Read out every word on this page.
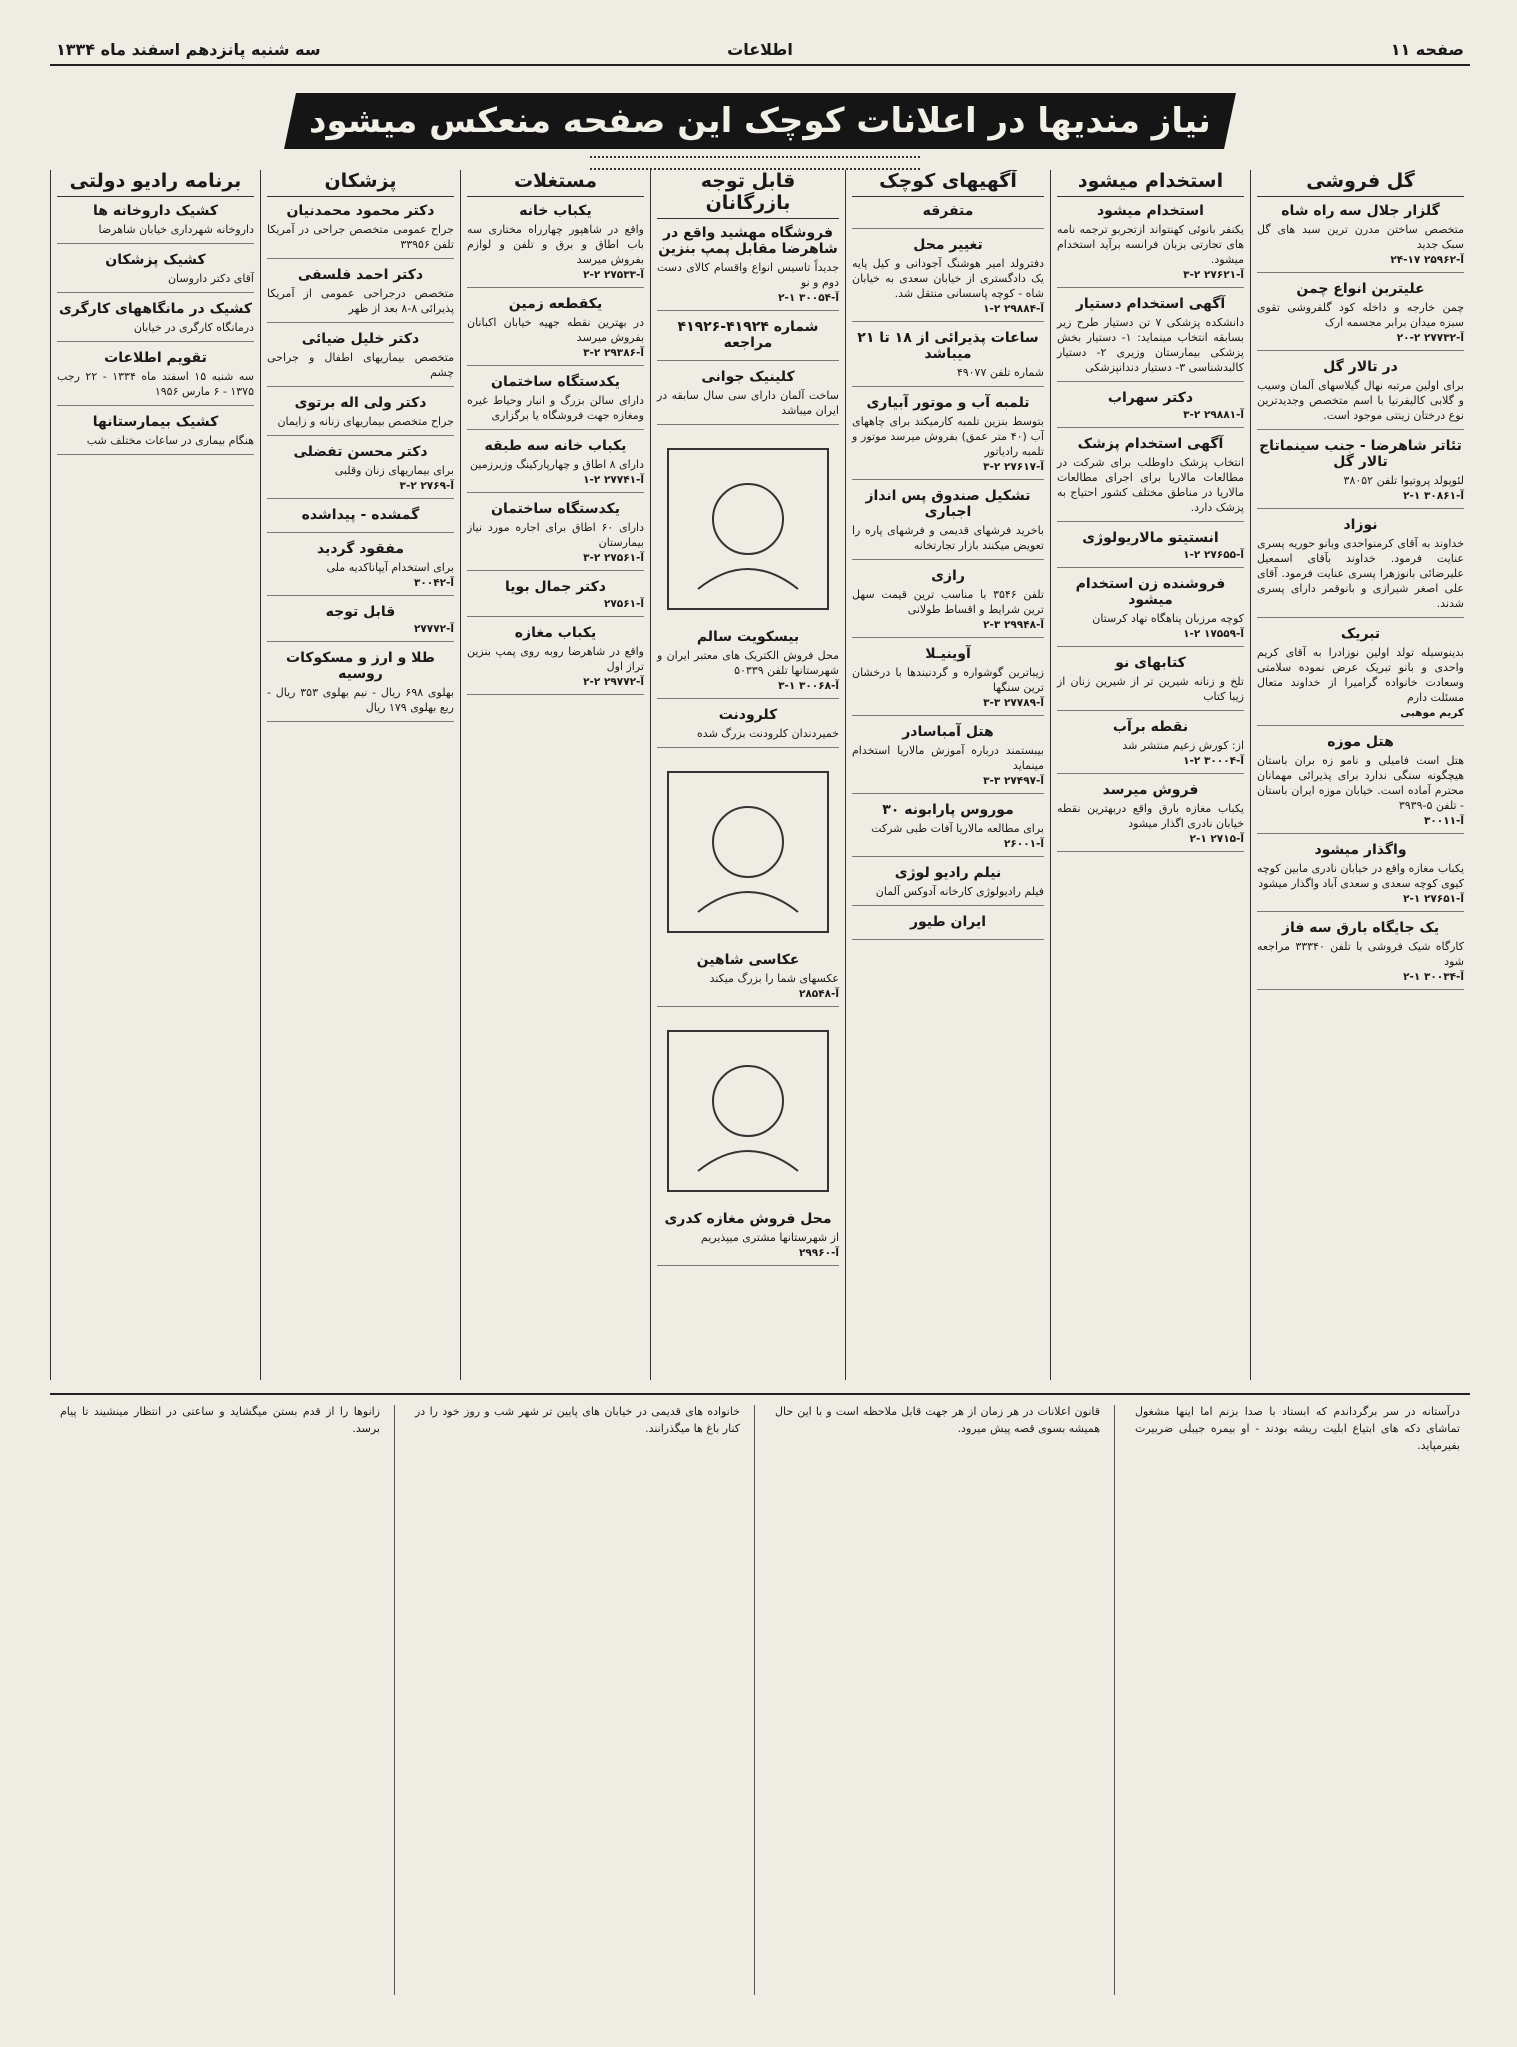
صفحه ۱۱
اطلاعات
سه شنبه پانزدهم اسفند ماه ۱۳۳۴
نیاز مندیها در اعلانات کوچک این صفحه منعکس میشود
گل فروشی
گلزار جلال سه راه شاه
متخصص ساختن مدرن ترین سبد های گل سبک جدید
آ-۲۵۹۶۲ ۱۷-۲۴
علیتربن انواع چمن
چمن خارجه و داخله کود گلفروشی تقوی سبزه میدان برابر مجسمه ارک
آ-۲۷۷۳۲ ۲-۲۰
در تالار گل
برای اولین مرتبه نهال گیلاسهای آلمان وسیب و گلابی کالیفرنیا با اسم متخصص وجدیدترین نوع درختان زینتی موجود است.
تئاتر شاهرضا - جنب سینماتاج تالار گل
لئوپولد پروتیوا تلفن ۳۸۰۵۲
آ-۳۰۸۶۱ ۱-۲
نوزاد
خداوند به آقای کرمنواحدی وبانو حوریه پسری عنایت فرمود. خداوند بآقای اسمعیل علیرضائی بانوزهرا پسری عنایت فرمود. آقای علی اصغر شیرازی و بانوقمر دارای پسری شدند.
تبریک
بدینوسیله تولد اولین نوزادرا به آقای کریم واحدی و بانو تبریک عرض نموده سلامتی وسعادت خانواده گرامیرا از خداوند متعال مسئلت دارم
کریم موهبی
هتل موزه
هتل است فامیلی و نامو زه بران باستان هیچگونه سنگی ندارد برای پذیرائی مهمانان محترم آماده است. خیابان موزه ایران باستان - تلفن ۵-۳۹۳۹
آ-۳۰۰۱۱
واگذار میشود
یکباب مغازه واقع در خیابان نادری مابین کوچه کیوی کوچه سعدی و سعدی آباد واگذار میشود
آ-۲۷۶۵۱ ۱-۲
یک جایگاه بارق سه فاز
کارگاه شیک فروشی با تلفن ۳۳۳۴۰ مراجعه شود
آ-۳۰۰۳۴ ۱-۲
استخدام میشود
استخدام میشود
یکنفر بانوئی کهنتواند ازتجربو ترجمه نامه های تجارتی بزبان فرانسه برآید استخدام میشود.
آ-۲۷۶۲۱ ۲-۳
آگهی استخدام دستیار
دانشکده پزشکی ۷ تن دستیار طرح زیر بسابقه انتخاب مینماید: ۱- دستیار بخش پزشکی بیمارستان وزیری ۲- دستیار کالبدشناسی ۳- دستیار دندانپزشکی
دکتر سهراب
آ-۲۹۸۸۱ ۲-۳
آگهی استخدام پزشک
انتخاب پزشک داوطلب برای شرکت در مطالعات مالاریا برای اجرای مطالعات مالاریا در مناطق مختلف کشور احتیاج به پزشک دارد.
انستیتو مالاریولوژی
آ-۲۷۶۵۵ ۲-۱
فروشنده زن استخدام میشود
کوچه مرزبان پناهگاه نهاد کرستان
آ-۱۷۵۵۹ ۲-۱
کتابهای نو
تلخ و زنانه شیرین تر از شیرین زنان از زیبا کتاب
نقطه برآب
از: کورش زعیم منتشر شد
آ-۳۰۰۰۴ ۲-۱
فروش میرسد
یکباب مغازه بارق واقع دربهترین نقطه خیابان نادری اگذار میشود
آ-۲۷۱۵ ۱-۲
آگهیهای کوچک
متفرقه
تغییر محل
دفترولد امیر هوشنگ آجودانی و کیل پایه یک دادگستری از خیابان سعدی به خیابان شاه - کوچه پاسسانی منتقل شد.
آ-۲۹۸۸۴ ۲-۱
ساعات پذیرائی از ۱۸ تا ۲۱ میباشد
شماره تلفن ۴۹۰۷۷
تلمبه آب و موتور آبیاری
بتوسط بنزین تلمبه کارمیکند برای چاههای آب (۴۰ متر عمق) بفروش میرسد موتور و تلمبه رادیاتور
آ-۲۷۶۱۷ ۲-۳
تشکیل صندوق پس انداز اجباری
باخرید فرشهای قدیمی و فرشهای پاره را تعویض میکنند بازار تجارتخانه
رازی
تلفن ۳۵۴۶ با مناسب ترین قیمت سهل ترین شرایط و اقساط طولانی
آ-۲۹۹۴۸ ۳-۲
آوینیـلا
زیباترین گوشواره و گردنبندها با درخشان ترین سنگها
آ-۲۷۷۸۹ ۳-۳
هتل آمباسادر
بیبستمند درباره آموزش مالاریا استخدام مینماید
آ-۲۷۴۹۷ ۳-۳
موروس پارابونه ۳۰
برای مطالعه مالاریا آفات طبی شرکت
آ-۲۶۰۰۱
نیلم رادیو لوژی
فیلم رادیولوژی کارخانه آدوکس آلمان
ایران طیور
قابل توجه بازرگانان
فروشگاه مهشید واقع در شاهرضا مقابل پمپ بنزین
جدیداً تاسیس انواع واقسام کالای دست دوم و نو
آ-۳۰۰۵۴ ۱-۲
شماره ۴۱۹۲۴-۴۱۹۲۶ مراجعه
کلینیک جوانی
ساخت آلمان دارای سی سال سابقه در ایران میباشد
بیسکویت سالم
محل فروش الکتریک های معتبر ایران و شهرستانها تلفن ۵۰۳۳۹
آ-۳۰۰۶۸ ۱-۳
کلرودنت
خمیردندان کلرودنت بزرگ شده
عکاسی شاهین
عکسهای شما را بزرگ میکند
آ-۲۸۵۴۸
محل فروش مغازه کدری
از شهرستانها مشتری میپذیریم
آ-۲۹۹۶۰
مستغلات
یکباب خانه
واقع در شاهپور چهارراه مختاری سه باب اطاق و برق و تلفن و لوازم بفروش میرسد
آ-۲۷۵۳۳ ۲-۲
یکقطعه زمین
در بهترین نقطه جهیه خیابان اکبانان بفروش میرسد
آ-۲۹۳۸۶ ۲-۳
یکدستگاه ساختمان
دارای سالن بزرگ و انبار وحیاط غیره ومغازه جهت فروشگاه یا برگزاری
یکباب خانه سه طبقه
دارای ۸ اطاق و چهارپارکینگ وزیرزمین
آ-۲۷۷۴۱ ۲-۱
یکدستگاه ساختمان
دارای ۶۰ اطاق برای اجاره مورد نیاز بیمارستان
آ-۲۷۵۶۱ ۲-۳
دکتر جمال بویا
آ-۲۷۵۶۱
یکباب مغازه
واقع در شاهرضا روبه روی پمپ بنزین تراز اول
آ-۲۹۷۷۲ ۲-۲
پزشکان
دکتر محمود محمدنیان
جراح عمومی متخصص جراحی در آمریکا تلفن ۳۳۹۵۶
دکتر احمد فلسفی
متخصص درجراحی عمومی از آمریکا پذیرائی ۸-۸ بعد از ظهر
دکتر خلیل ضیائی
متخصص بیماریهای اطفال و جراحی چشم
دکتر ولی اله برتوی
جراح متخصص بیماریهای زنانه و زایمان
دکتر محسن تفضلی
برای بیماریهای زنان وقلبی
آ-۲۷۶۹ ۲-۳
گمشده - پیداشده
مفقود گردید
برای استخدام آیپاناکدیه ملی
آ-۳۰۰۴۲
قابل توجه
آ-۲۷۷۷۲
طلا و ارز و مسکوکات روسیه
بهلوی ۶۹۸ ریال - نیم بهلوی ۳۵۳ ریال - ربع بهلوی ۱۷۹ ریال
برنامه رادیو دولتی
کشیک داروخانه ها
داروخانه شهرداری خیابان شاهرضا
کشیک پزشکان
آقای دکتر داروسان
کشیک در مانگاههای کارگری
درمانگاه کارگری در خیابان
تقویم اطلاعات
سه شنبه ۱۵ اسفند ماه ۱۳۳۴ - ۲۲ رجب ۱۳۷۵ - ۶ مارس ۱۹۵۶
کشیک بیمارستانها
هنگام بیماری در ساعات مختلف شب

درآستانه در سر برگرداندم که ابستاد با صدا بزنم اما اینها مشغول تماشای دکه های ابتیاع ابلیت ریشه بودند - او بیمره جیبلی ضربیرت بفیرمپاید.

قانون اعلانات در هر زمان از هر جهت قابل ملاحظه است و با این حال همیشه بسوی قصه پیش میرود.

خانواده های قدیمی در خیابان های پایین تر شهر شب و روز خود را در کنار باغ ها میگذرانند.

زانوها را از قدم بستن میگشاید و ساعتی در انتظار مینشیند تا پیام برسد.
